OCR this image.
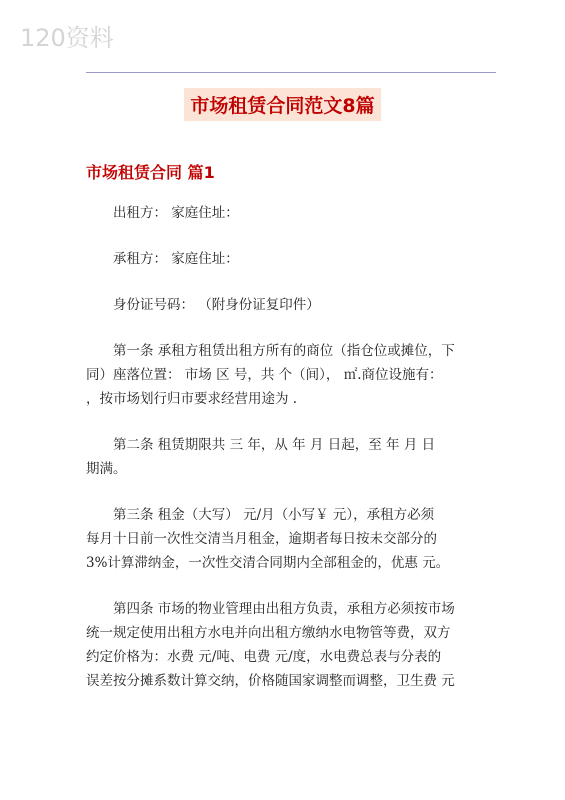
120资料
市场租赁合同范文8篇
市场租赁合同 篇1

出租方： 家庭住址：

承租方： 家庭住址：

身份证号码： （附身份证复印件）

第一条 承租方租赁出租方所有的商位（指仓位或摊位，下
同）座落位置： 市场 区 号，共 个（间）， ㎡.商位设施有：
，按市场划行归市要求经营用途为 .

第二条 租赁期限共 三 年，从 年 月 日起，至 年 月 日
期满。

第三条 租金（大写） 元/月（小写￥ 元），承租方必须
每月十日前一次性交清当月租金，逾期者每日按未交部分的
3%计算滞纳金，一次性交清合同期内全部租金的，优惠 元。

第四条 市场的物业管理由出租方负责，承租方必须按市场
统一规定使用出租方水电并向出租方缴纳水电物管等费，双方
约定价格为：水费 元/吨、电费 元/度，水电费总表与分表的
误差按分摊系数计算交纳，价格随国家调整而调整，卫生费 元
